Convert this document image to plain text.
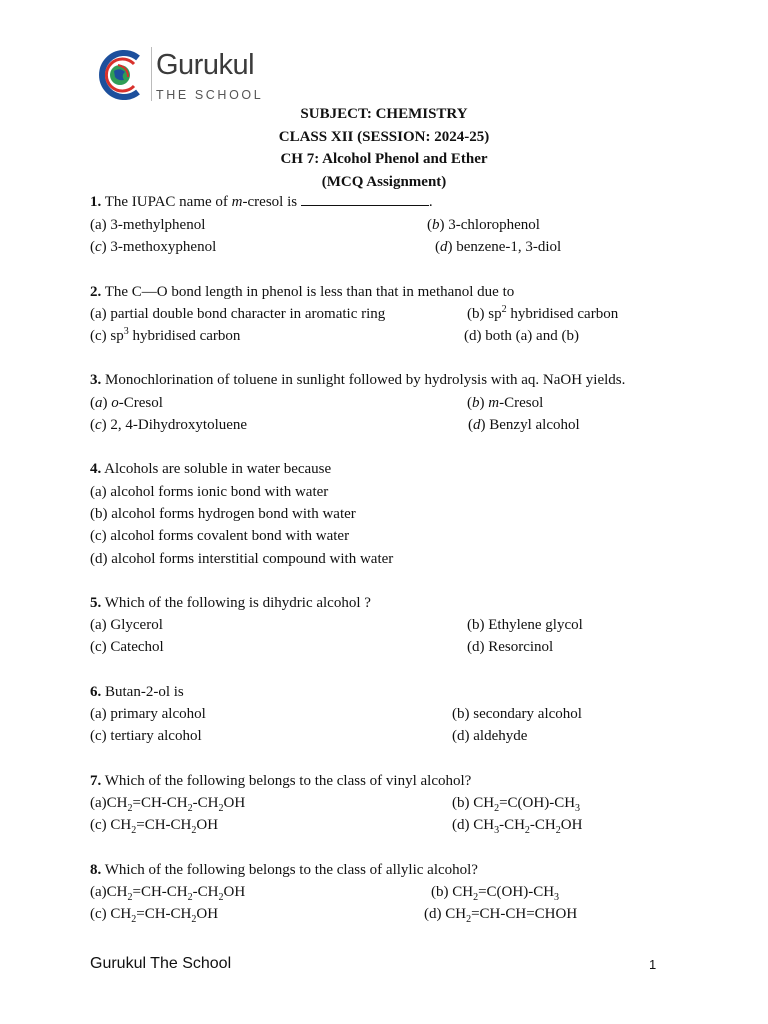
Gurukul
THE SCHOOL
SUBJECT: CHEMISTRY
CLASS XII (SESSION: 2024-25)
CH 7: Alcohol Phenol and Ether
(MCQ Assignment)
1. The IUPAC name of m-cresol is	.
(a) 3-methylphenol	(b) 3-chlorophenol
(c) 3-methoxyphenol	(d) benzene-1, 3-diol
2. The C—O bond length in phenol is less than that in methanol due to
(a) partial double bond character in aromatic ring	(b) $sp^2$ hybridised carbon
(c) $sp^3$ hybridised carbon	(d) both (a) and (b)
3. Monochlorination of toluene in sunlight followed by hydrolysis with aq. NaOH yields.
(a) o-Cresol	(b) m-Cresol
(c) 2, 4-Dihydroxytoluene	(d) Benzyl alcohol
4. Alcohols are soluble in water because
(a) alcohol forms ionic bond with water
(b) alcohol forms hydrogen bond with water
(c) alcohol forms covalent bond with water
(d) alcohol forms interstitial compound with water
5. Which of the following is dihydric alcohol ?
(a) Glycerol	(b) Ethylene glycol
(c) Catechol	(d) Resorcinol
6. Butan-2-ol is
(a) primary alcohol	(b) secondary alcohol
(c) tertiary alcohol	(d) aldehyde
7. Which of the following belongs to the class of vinyl alcohol?
$(a)CH_2=CH-CH_2-CH_2OH$	(b) $CH_2=C(OH)-CH_3$
(c) $CH_2=CH-CH_2OH$	(d) $CH_3-CH_2-CH_2OH$
8. Which of the following belongs to the class of allylic alcohol?
$(a)CH_2=CH-CH_2-CH_2OH$	(b) $CH_2=C(OH)-CH_3$
(c) $CH_2=CH-CH_2OH$	(d) $CH_2=CH-CH=CHOH$
Gurukul The School	1
